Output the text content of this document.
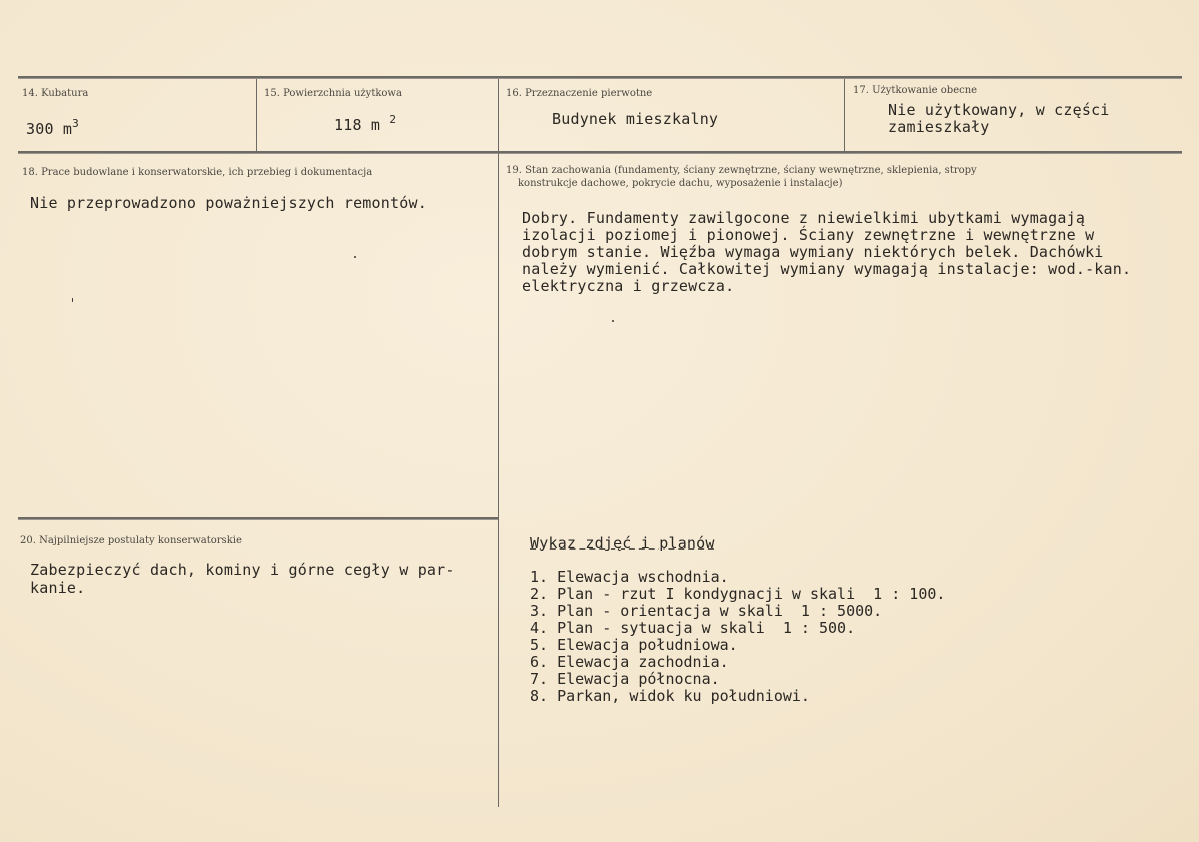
14. Kubatura
300 $m^3$
15. Powierzchnia użytkowa
118 m $^2$
16. Przeznaczenie pierwotne
Budynek mieszkalny
17. Użytkowanie obecne
Nie użytkowany, w części
zamieszkały
18. Prace budowlane i konserwatorskie, ich przebieg i dokumentacja
Nie przeprowadzono poważniejszych remontów.
19. Stan zachowania (fundamenty, ściany zewnętrzne, ściany wewnętrzne, sklepienia, stropy
konstrukcje dachowe, pokrycie dachu, wyposażenie i instalacje)
Dobry. Fundamenty zawilgocone z niewielkimi ubytkami wymagają
izolacji poziomej i pionowej. Ściany zewnętrzne i wewnętrzne w
dobrym stanie. Więźba wymaga wymiany niektórych belek. Dachówki
należy wymienić. Całkowitej wymiany wymagają instalacje: wod.-kan.
elektryczna i grzewcza.
20. Najpilniejsze postulaty konserwatorskie
Zabezpieczyć dach, kominy i górne cegły w par-
kanie.
Wykaz zdjęć i planów
1. Elewacja wschodnia.
2. Plan - rzut I kondygnacji w skali  1 : 100.
3. Plan - orientacja w skali  1 : 5000.
4. Plan - sytuacja w skali  1 : 500.
5. Elewacja południowa.
6. Elewacja zachodnia.
7. Elewacja północna.
8. Parkan, widok ku południowi.
